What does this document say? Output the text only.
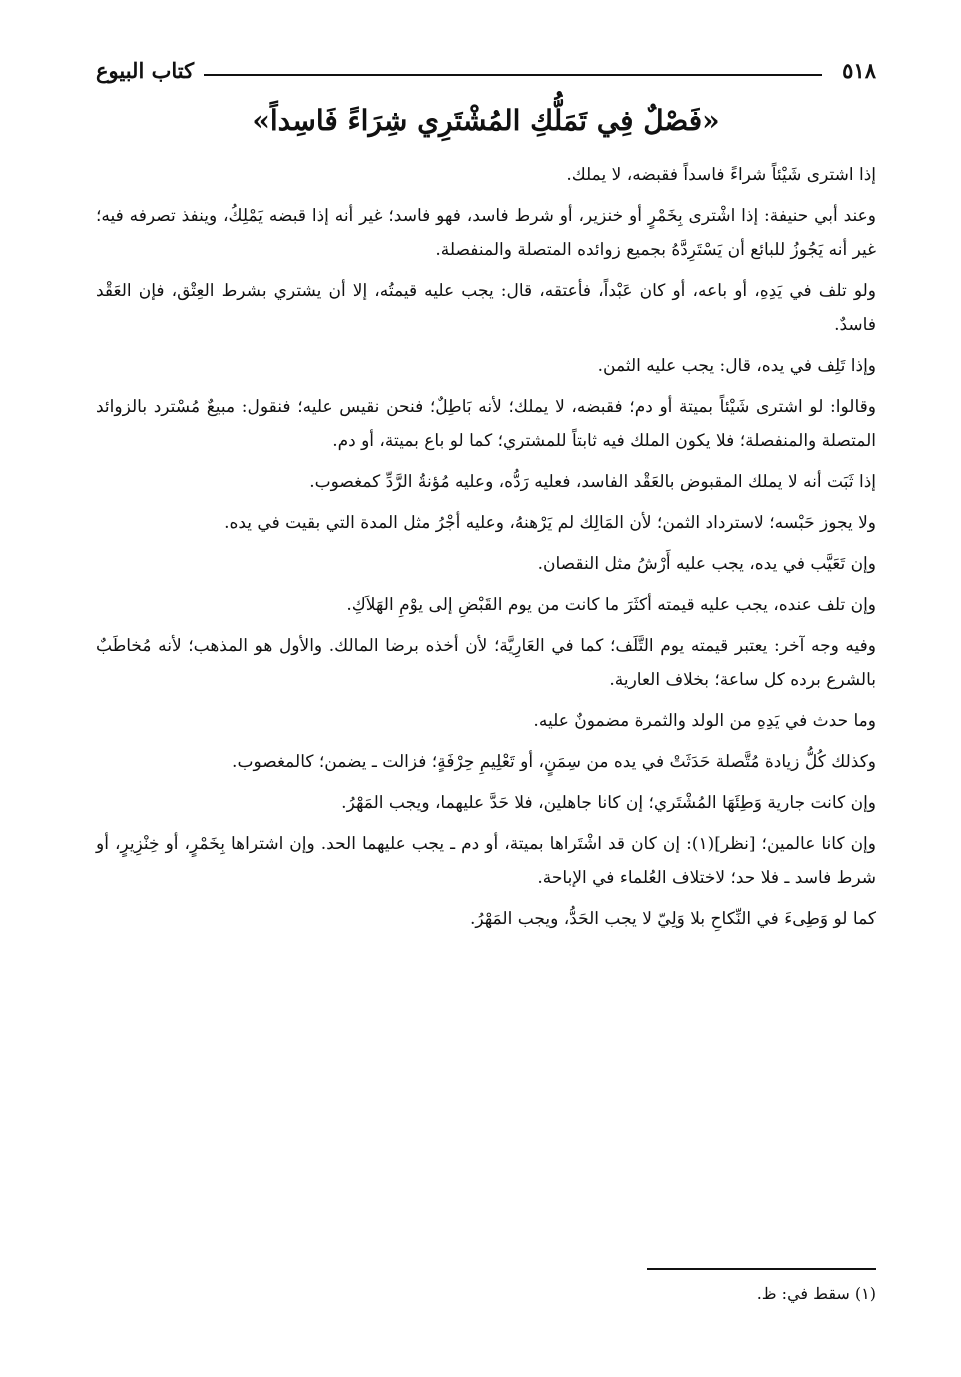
٥١٨
كتاب البيوع
«فَصْلٌ فِي تَمَلُّكِ المُشْتَرِي شِرَاءً فَاسِداً»

إذا اشترى شَيْئاً شراءً فاسداً فقبضه، لا يملك.

وعند أبي حنيفة: إذا اشْترى بِخَمْرٍ أو خنزير، أو شرط فاسد، فهو فاسد؛ غير أنه إذا قبضه يَمْلِكُ، وينفذ تصرفه فيه؛ غير أنه يَجُوزُ للبائع أن يَسْتَرِدَّهُ بجميع زوائده المتصلة والمنفصلة.

ولو تلف في يَدِهِ، أو باعه، أو كان عَبْداً، فأعتقه، قال: يجب عليه قيمتُه، إلا أن يشتري بشرط العِتْق، فإن العَقْد فاسدٌ.

وإذا تَلِف في يده، قال: يجب عليه الثمن.

وقالوا: لو اشترى شَيْئاً بميتة أو دم؛ فقبضه، لا يملك؛ لأنه بَاطِلٌ؛ فنحن نقيس عليه؛ فنقول: مبيعٌ مُسْترد بالزوائد المتصلة والمنفصلة؛ فلا يكون الملك فيه ثابتاً للمشتري؛ كما لو باع بميتة، أو دم.

إذا ثَبَت أنه لا يملك المقبوض بالعَقْد الفاسد، فعليه رَدُّه، وعليه مُؤنةُ الرَّدِّ كمغصوب.

ولا يجوز حَبْسه؛ لاسترداد الثمن؛ لأن المَالِك لم يَرْهنهُ، وعليه أجْرُ مثل المدة التي بقيت في يده.

وإن تَعَيَّب في يده، يجب عليه أَرْشُ مثل النقصان.

وإن تلف عنده، يجب عليه قيمته أكثَرَ ما كانت من يوم القَبْضِ إلى يوْمِ الهَلاَكِ.

وفيه وجه آخر: يعتبر قيمته يوم التَّلَف؛ كما في العَارِيَّة؛ لأن أخذه برضا المالك. والأول هو المذهب؛ لأنه مُخاطَبٌ بالشرع برده كل ساعة؛ بخلاف العارية.

وما حدث في يَدِهِ من الولد والثمرة مضمونٌ عليه.

وكذلك كُلُّ زيادة مُتَّصلة حَدَثَتْ في يده من سِمَنٍ، أو تَعْلِيمِ حِرْفَةٍ؛ فزالت ـ يضمن؛ كالمغصوب.

وإن كانت جارية وَطِئَهَا المُشْتَري؛ إن كانا جاهلين، فلا حَدَّ عليهما، ويجب المَهْرُ.

وإن كانا عالمين؛ [نظر](١): إن كان قد اشْتَراها بميتة، أو دم ـ يجب عليهما الحد. وإن اشتراها بِخَمْرٍ، أو خِنْزِيرٍ، أو شرط فاسد ـ فلا حد؛ لاختلاف العُلماء في الإباحة.

كما لو وَطِىءَ في النِّكاحِ بلا وَلِيّ لا يجب الحَدُّ، ويجب المَهْرُ.

(١) سقط في: ظ.
